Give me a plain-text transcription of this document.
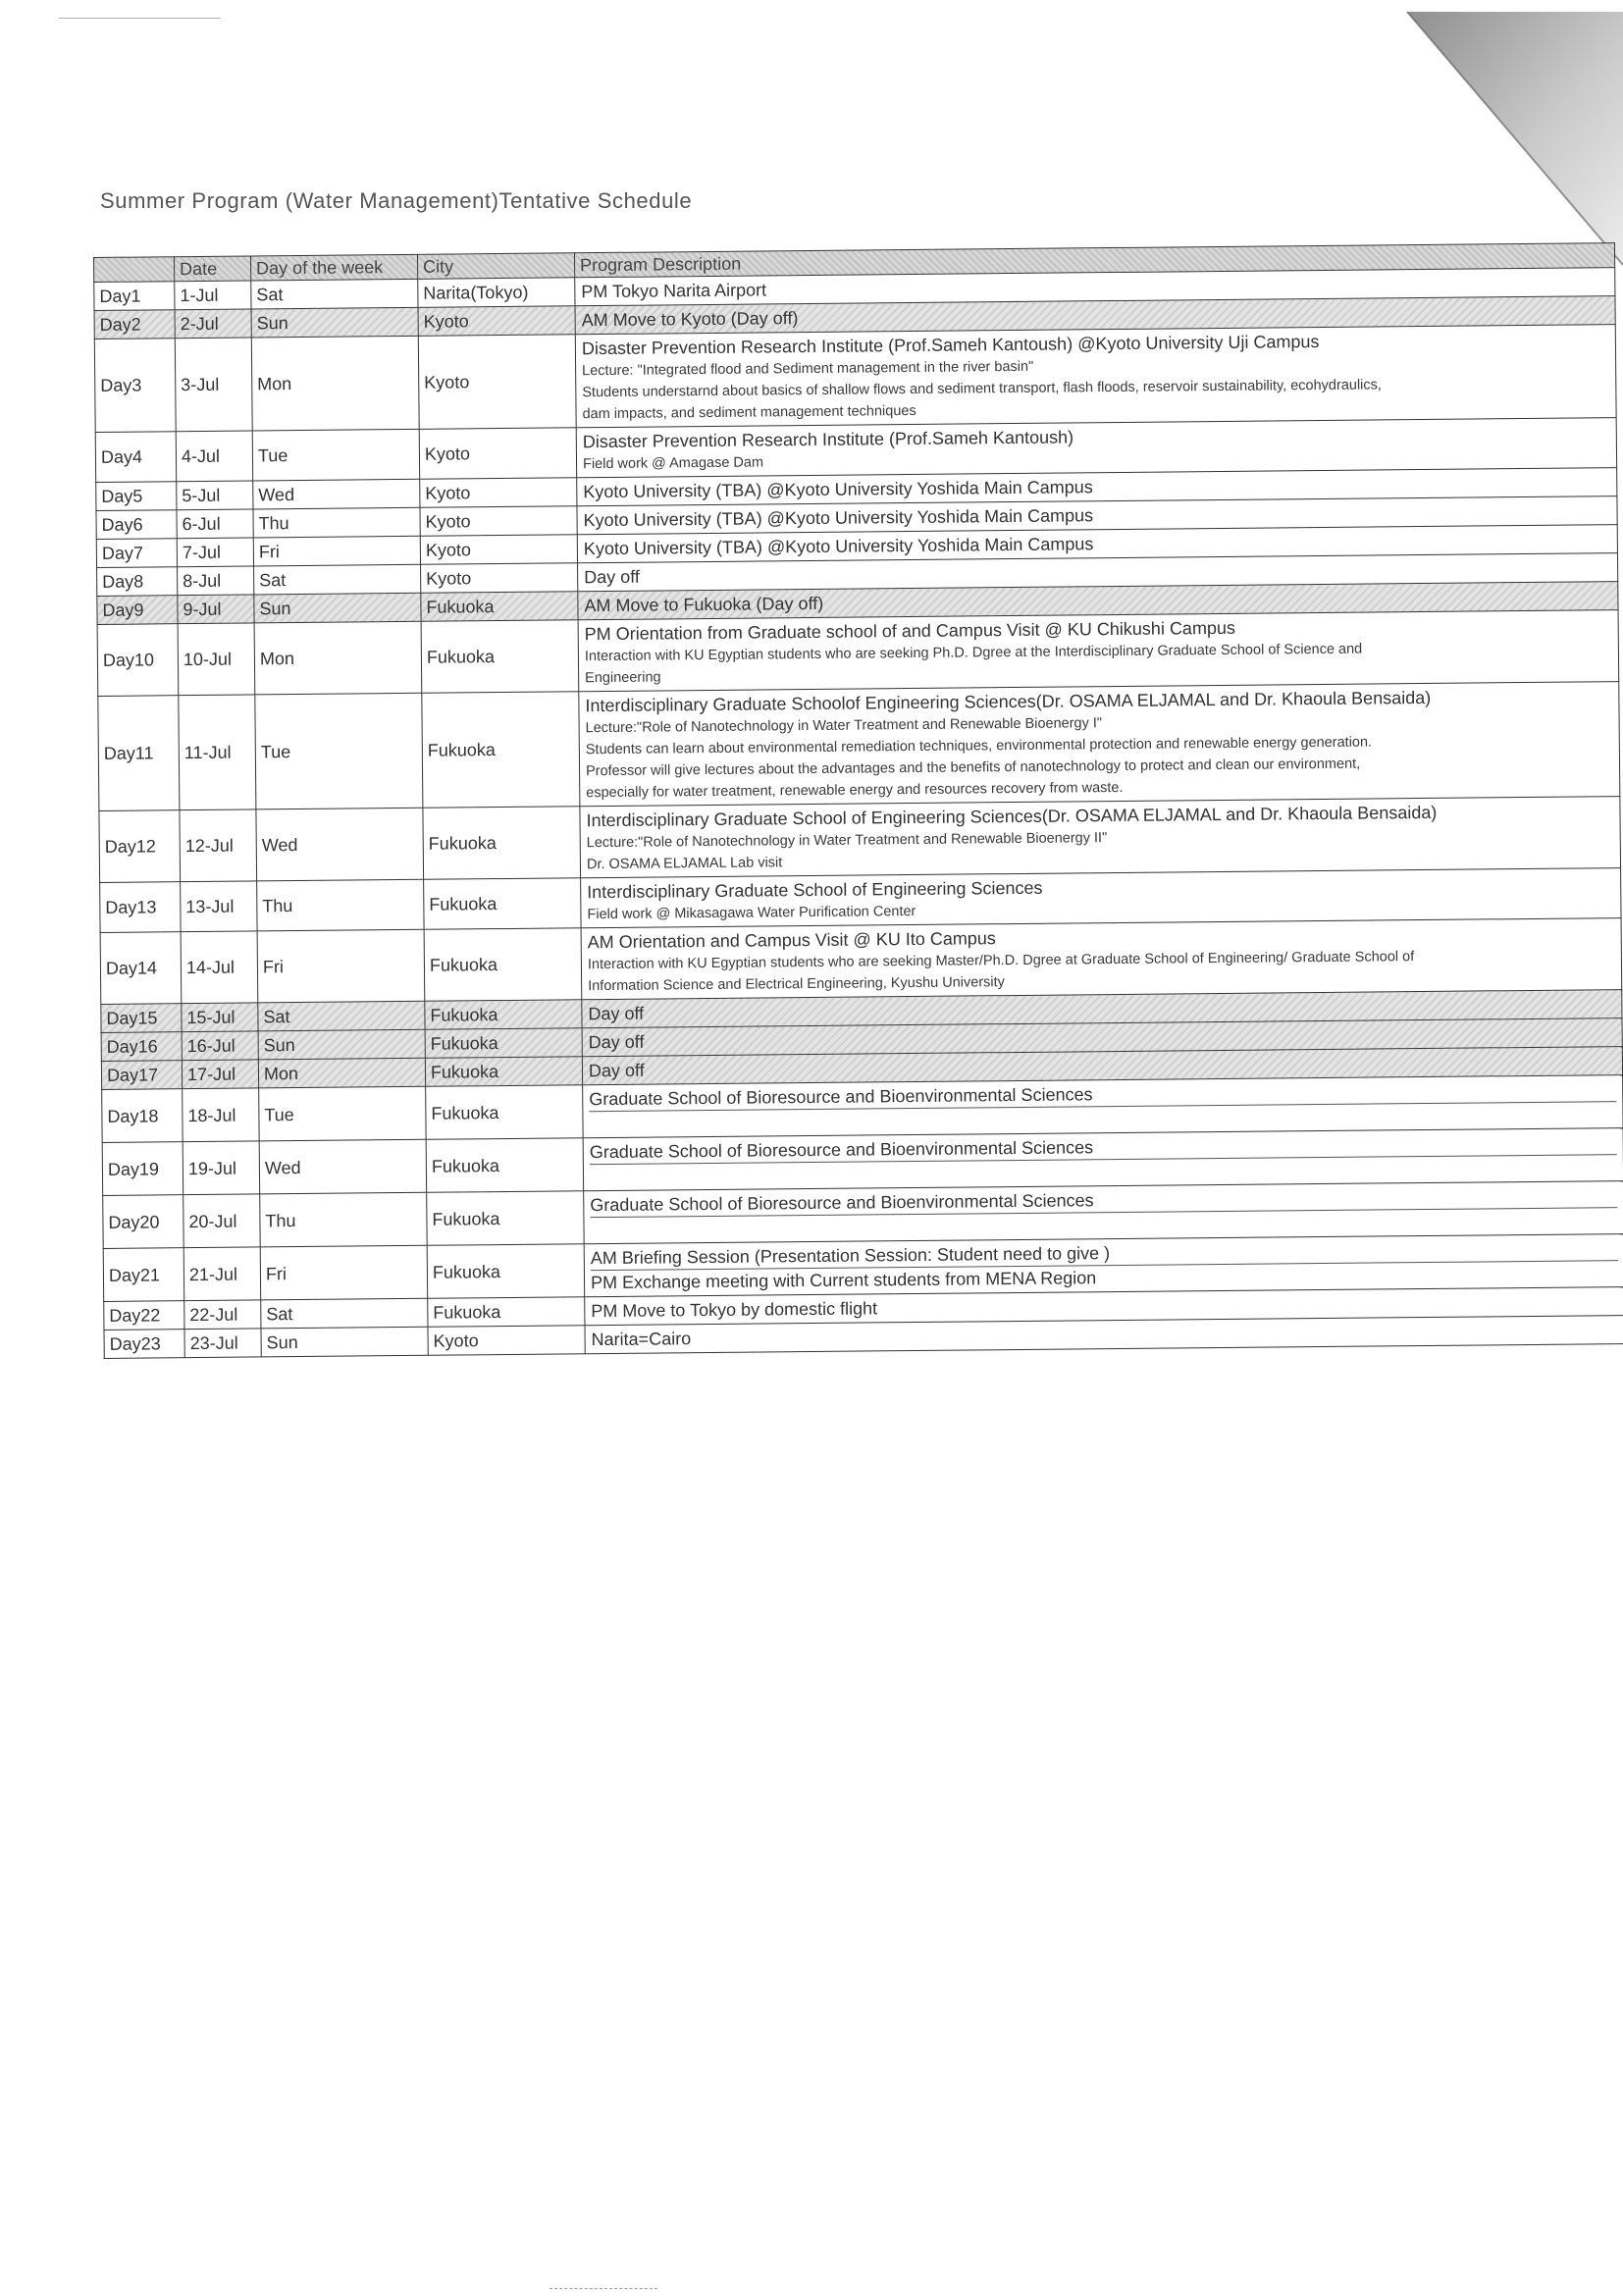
Summer Program (Water Management)Tentative Schedule
	Date	Day of the week	City	Program Description
Day1	1-Jul	Sat	Narita(Tokyo)	PM Tokyo Narita Airport

Day2	2-Jul	Sun	Kyoto	AM Move to Kyoto (Day off)

Day3	3-Jul	Mon	Kyoto	Disaster Prevention Research Institute (Prof.Sameh Kantoush) @Kyoto University Uji Campus
Lecture: "Integrated flood and Sediment management in the river basin"
Students understarnd about basics of shallow flows and sediment transport, flash floods, reservoir sustainability, ecohydraulics,
dam impacts, and sediment management techniques

Day4	4-Jul	Tue	Kyoto	Disaster Prevention Research Institute (Prof.Sameh Kantoush)
Field work @ Amagase Dam

Day5	5-Jul	Wed	Kyoto	Kyoto University (TBA) @Kyoto University Yoshida Main Campus

Day6	6-Jul	Thu	Kyoto	Kyoto University (TBA) @Kyoto University Yoshida Main Campus

Day7	7-Jul	Fri	Kyoto	Kyoto University (TBA) @Kyoto University Yoshida Main Campus

Day8	8-Jul	Sat	Kyoto	Day off

Day9	9-Jul	Sun	Fukuoka	AM Move to Fukuoka (Day off)

Day10	10-Jul	Mon	Fukuoka	PM Orientation from Graduate school of and Campus Visit @ KU Chikushi Campus
Interaction with KU Egyptian students who are seeking Ph.D. Dgree at the Interdisciplinary Graduate School of Science and
Engineering

Day11	11-Jul	Tue	Fukuoka	Interdisciplinary Graduate Schoolof Engineering Sciences(Dr. OSAMA ELJAMAL and Dr. Khaoula Bensaida)
Lecture:"Role of Nanotechnology in Water Treatment and Renewable Bioenergy I"
Students can learn about environmental remediation techniques, environmental protection and renewable energy generation.
Professor will give lectures about the advantages and the benefits of nanotechnology to protect and clean our environment,
especially for water treatment, renewable energy and resources recovery from waste.

Day12	12-Jul	Wed	Fukuoka	Interdisciplinary Graduate School of Engineering Sciences(Dr. OSAMA ELJAMAL and Dr. Khaoula Bensaida)
Lecture:"Role of Nanotechnology in Water Treatment and Renewable Bioenergy II"
Dr. OSAMA ELJAMAL Lab visit

Day13	13-Jul	Thu	Fukuoka	Interdisciplinary Graduate School of Engineering Sciences
Field work @ Mikasagawa Water Purification Center

Day14	14-Jul	Fri	Fukuoka	AM Orientation and Campus Visit @ KU Ito Campus
Interaction with KU Egyptian students who are seeking Master/Ph.D. Dgree at Graduate School of Engineering/ Graduate School of
Information Science and Electrical Engineering, Kyushu University

Day15	15-Jul	Sat	Fukuoka	Day off

Day16	16-Jul	Sun	Fukuoka	Day off

Day17	17-Jul	Mon	Fukuoka	Day off

Day18	18-Jul	Tue	Fukuoka	Graduate School of Bioresource and Bioenvironmental Sciences

Day19	19-Jul	Wed	Fukuoka	Graduate School of Bioresource and Bioenvironmental Sciences

Day20	20-Jul	Thu	Fukuoka	Graduate School of Bioresource and Bioenvironmental Sciences

Day21	21-Jul	Fri	Fukuoka	AM Briefing Session (Presentation Session: Student need to give )
PM Exchange meeting with Current students from MENA Region

Day22	22-Jul	Sat	Fukuoka	PM Move to Tokyo by domestic flight

Day23	23-Jul	Sun	Kyoto	Narita=Cairo
